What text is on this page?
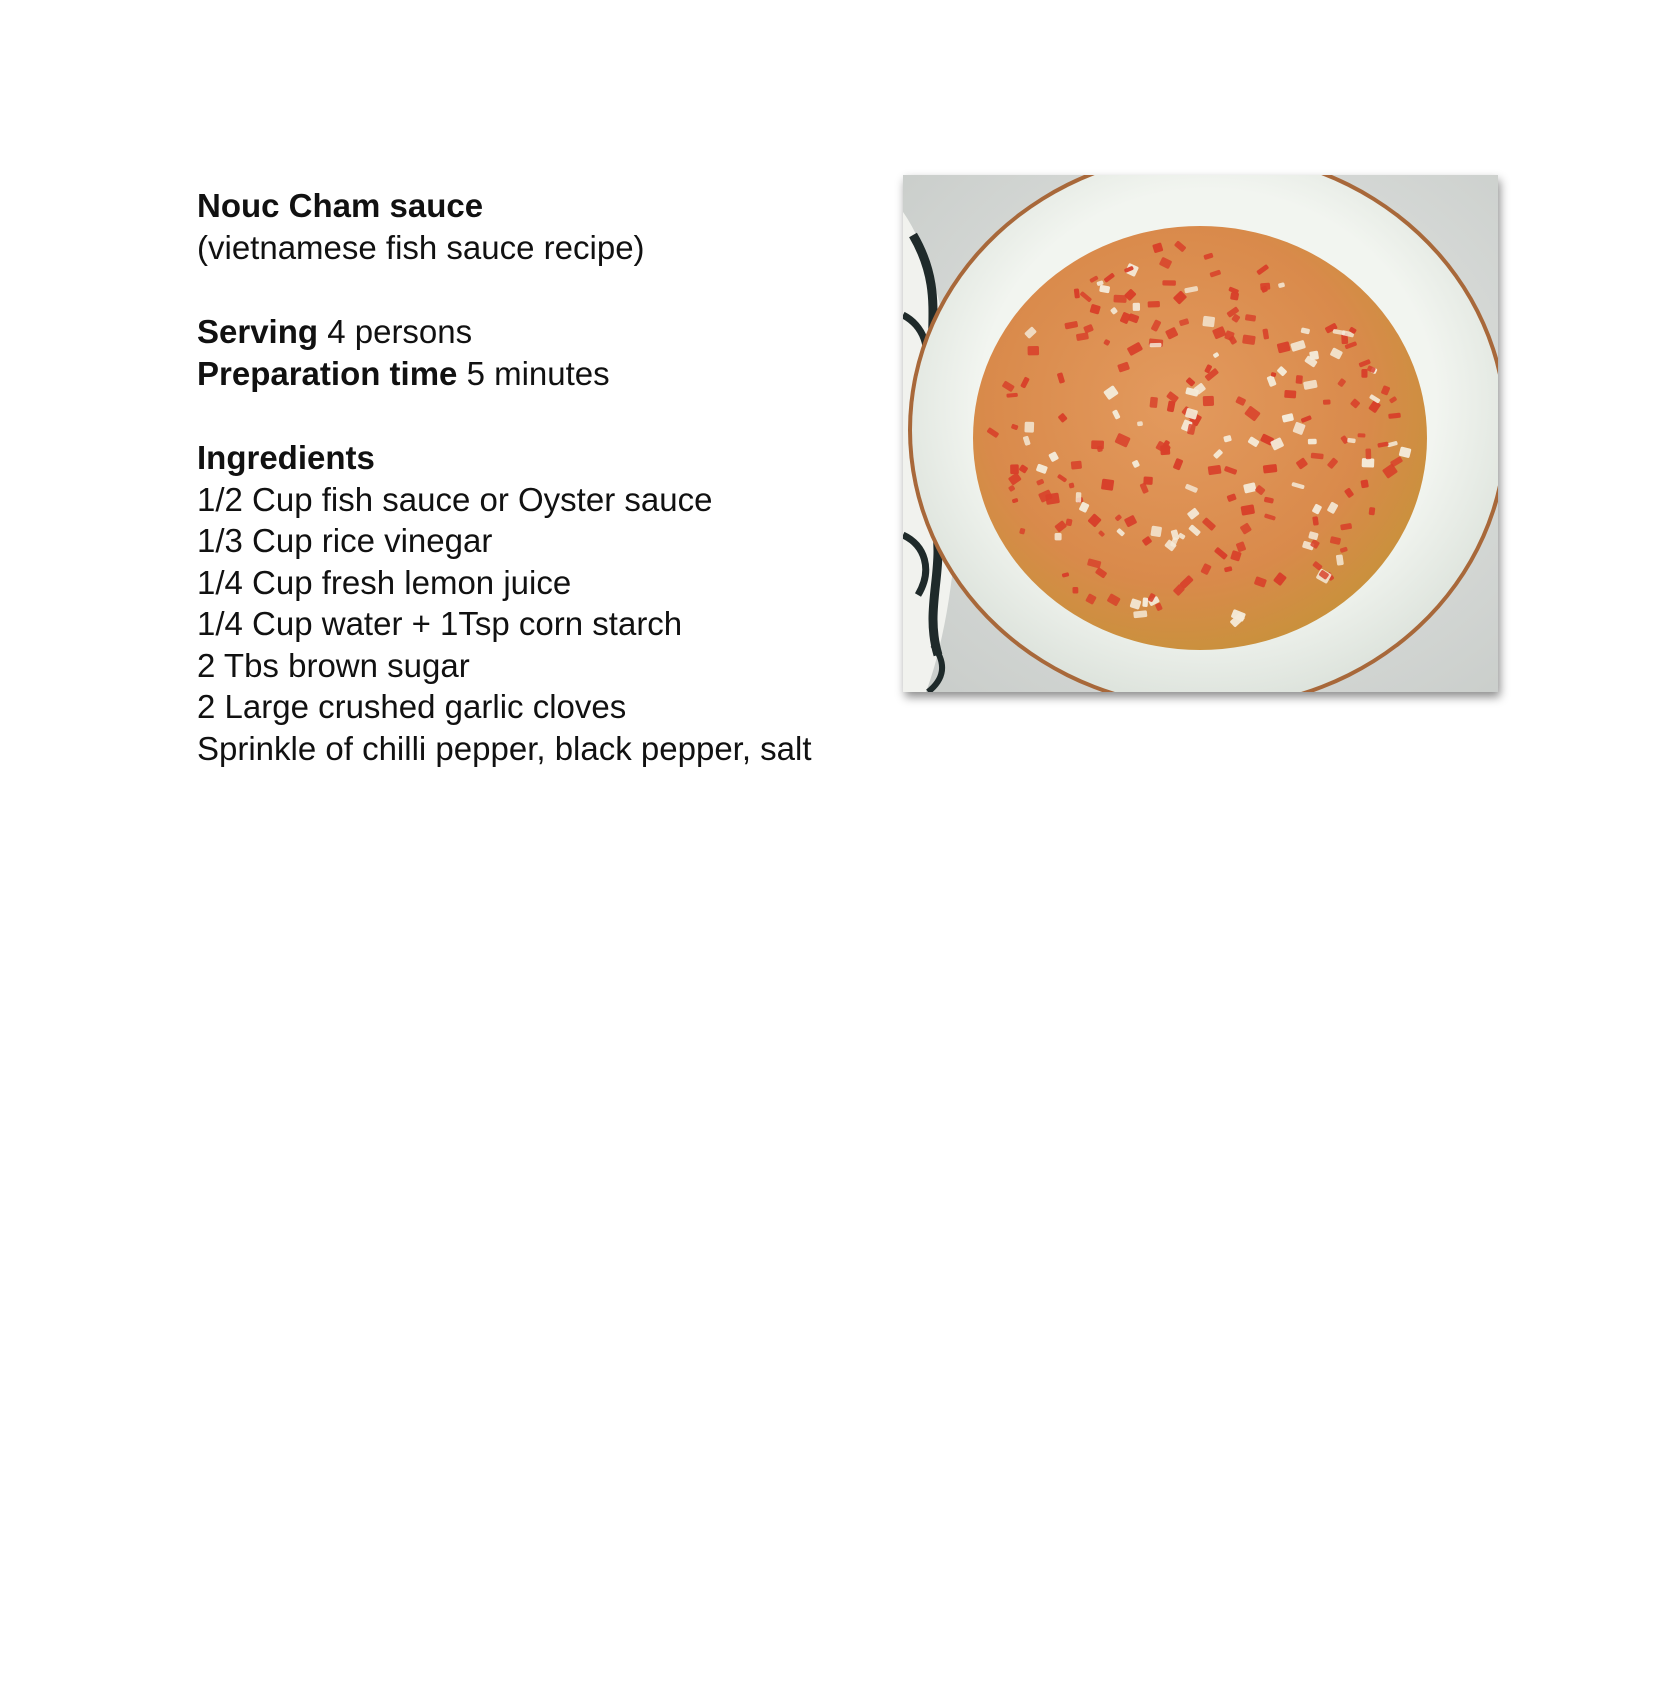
Nouc Cham sauce
(vietnamese fish sauce recipe)
Serving 4 persons
Preparation time 5 minutes
Ingredients
1/2 Cup fish sauce or Oyster sauce
1/3 Cup rice vinegar
1/4 Cup fresh lemon juice
1/4 Cup water + 1Tsp corn starch
2 Tbs brown sugar
2 Large crushed garlic cloves
Sprinkle of chilli pepper, black pepper, salt
